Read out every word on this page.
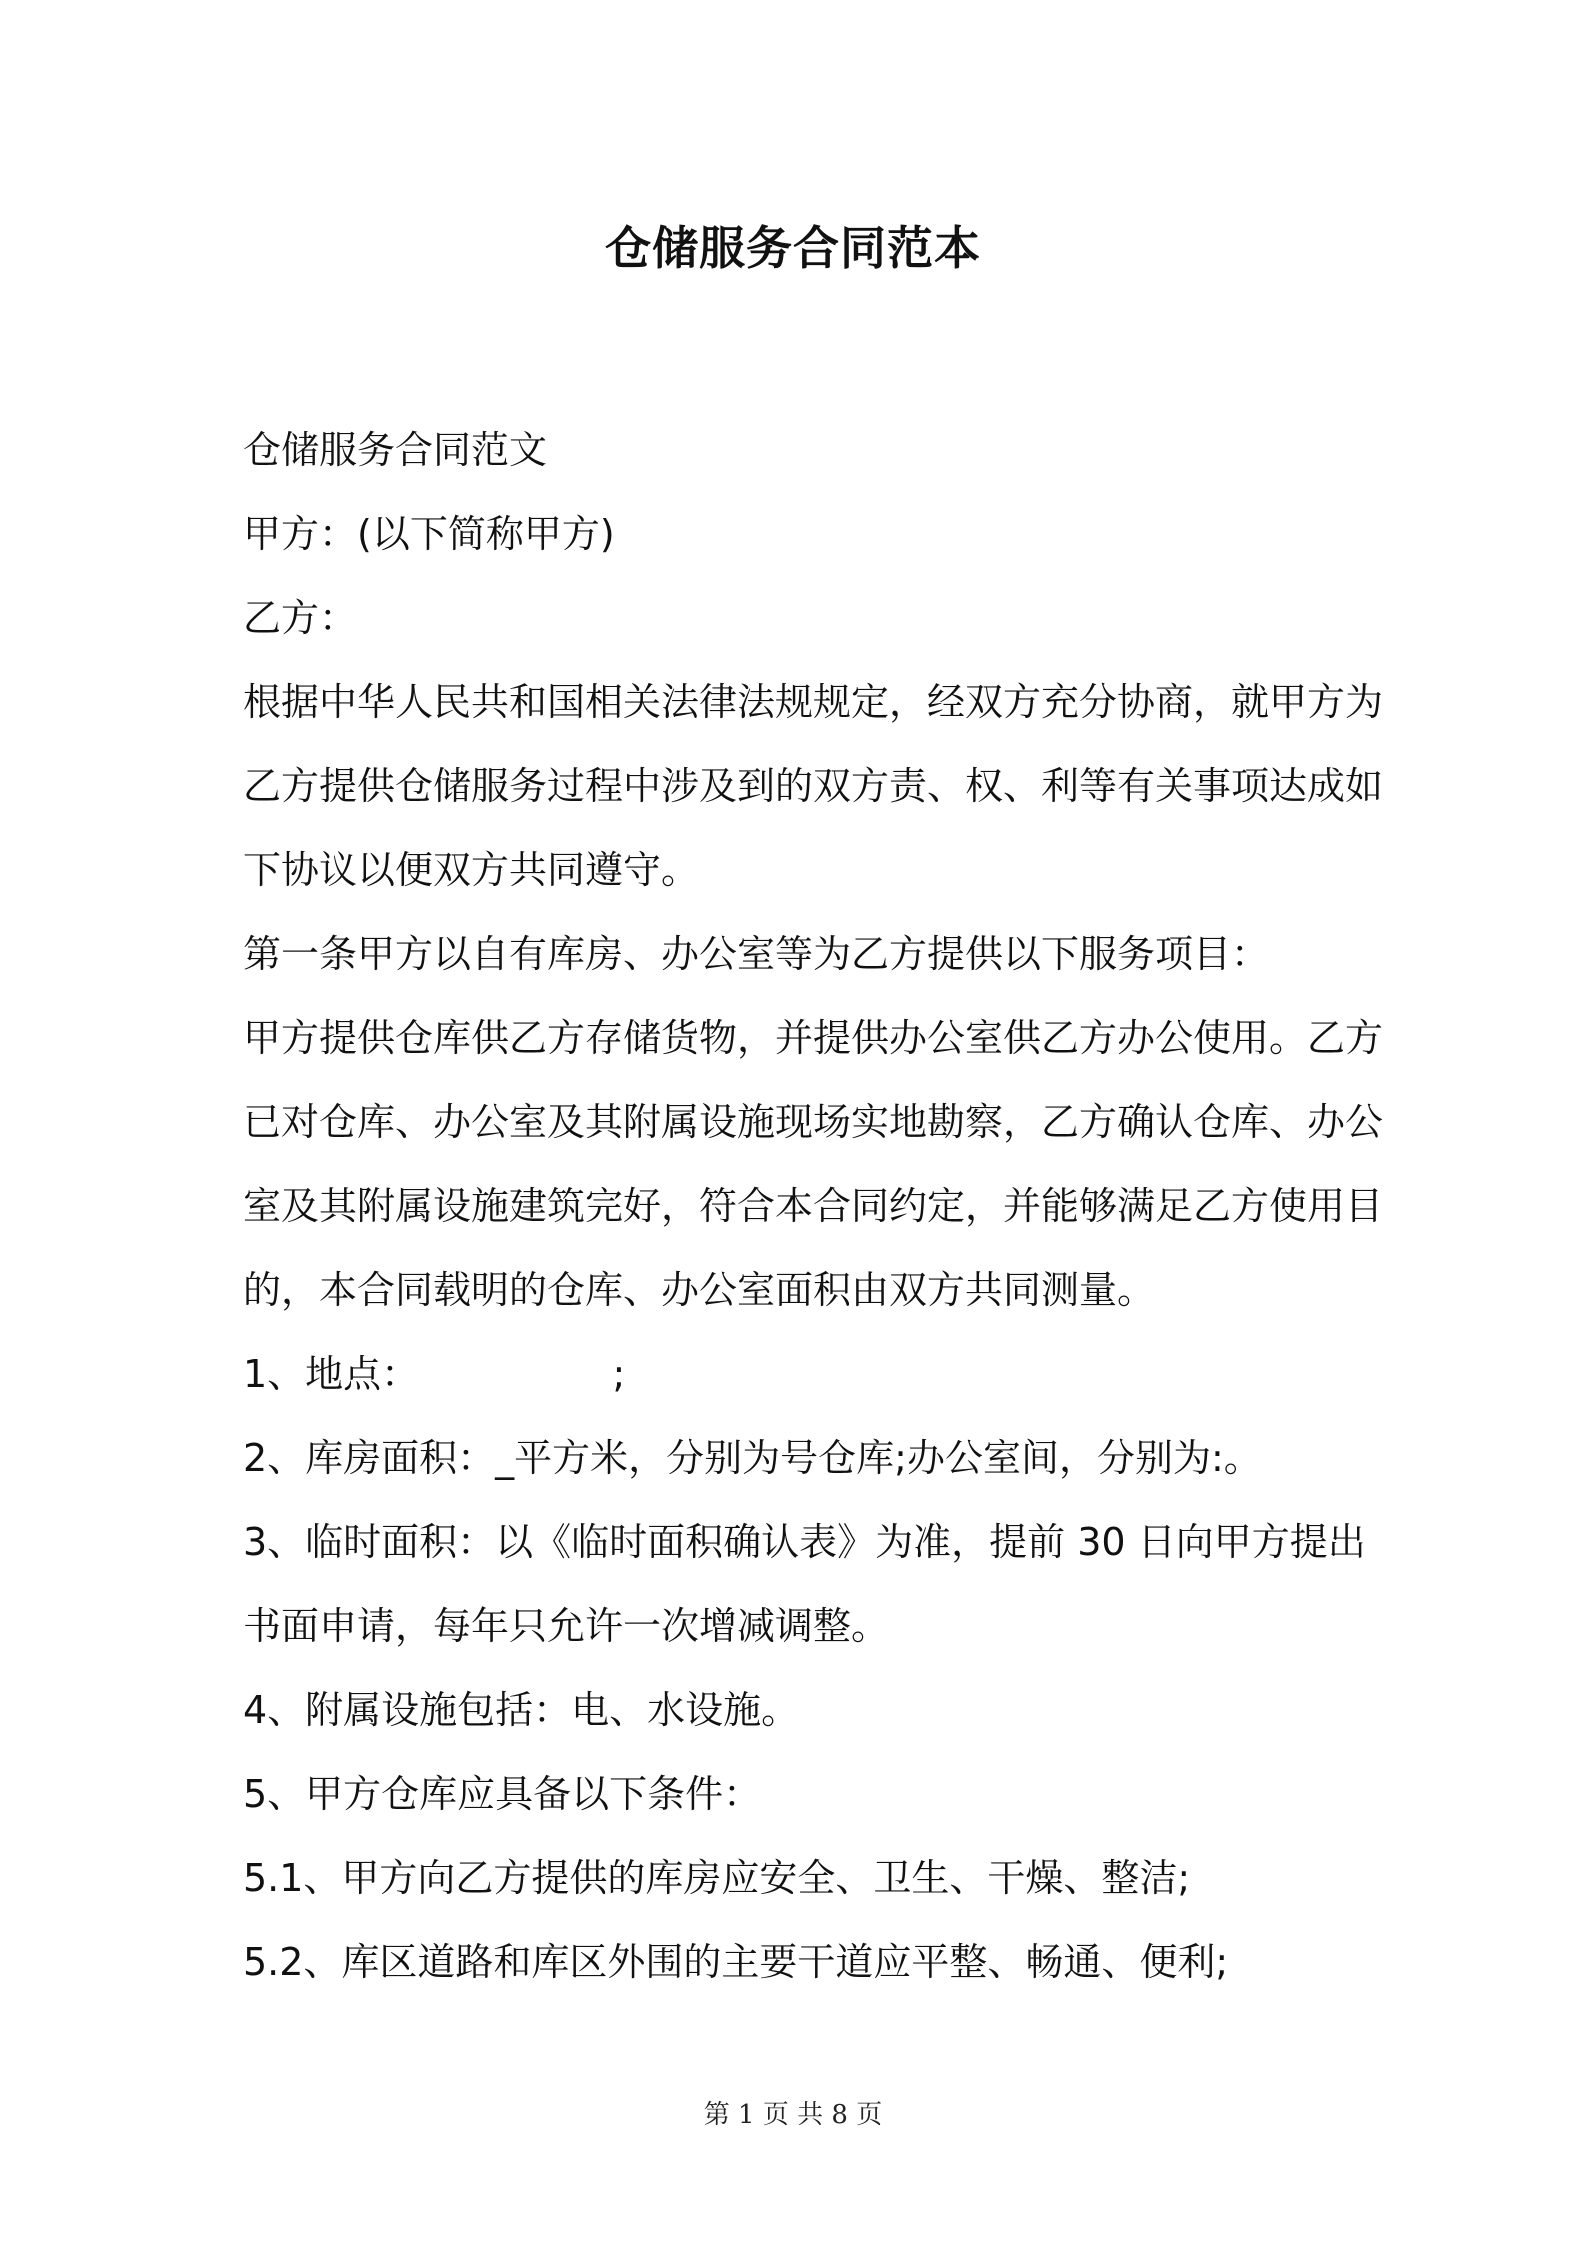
仓储服务合同范本
仓储服务合同范文
甲方：(以下简称甲方)
乙方：
根据中华人民共和国相关法律法规规定，经双方充分协商，就甲方为
乙方提供仓储服务过程中涉及到的双方责、权、利等有关事项达成如
下协议以便双方共同遵守。
第一条甲方以自有库房、办公室等为乙方提供以下服务项目：
甲方提供仓库供乙方存储货物，并提供办公室供乙方办公使用。乙方
已对仓库、办公室及其附属设施现场实地勘察，乙方确认仓库、办公
室及其附属设施建筑完好，符合本合同约定，并能够满足乙方使用目
的，本合同载明的仓库、办公室面积由双方共同测量。
1、地点：                ;
2、库房面积：_平方米，分别为号仓库;办公室间，分别为:。
3、临时面积：以《临时面积确认表》为准，提前 30 日向甲方提出
书面申请，每年只允许一次增减调整。
4、附属设施包括：电、水设施。
5、甲方仓库应具备以下条件：
5.1、甲方向乙方提供的库房应安全、卫生、干燥、整洁;
5.2、库区道路和库区外围的主要干道应平整、畅通、便利;
第 1 页 共 8 页
